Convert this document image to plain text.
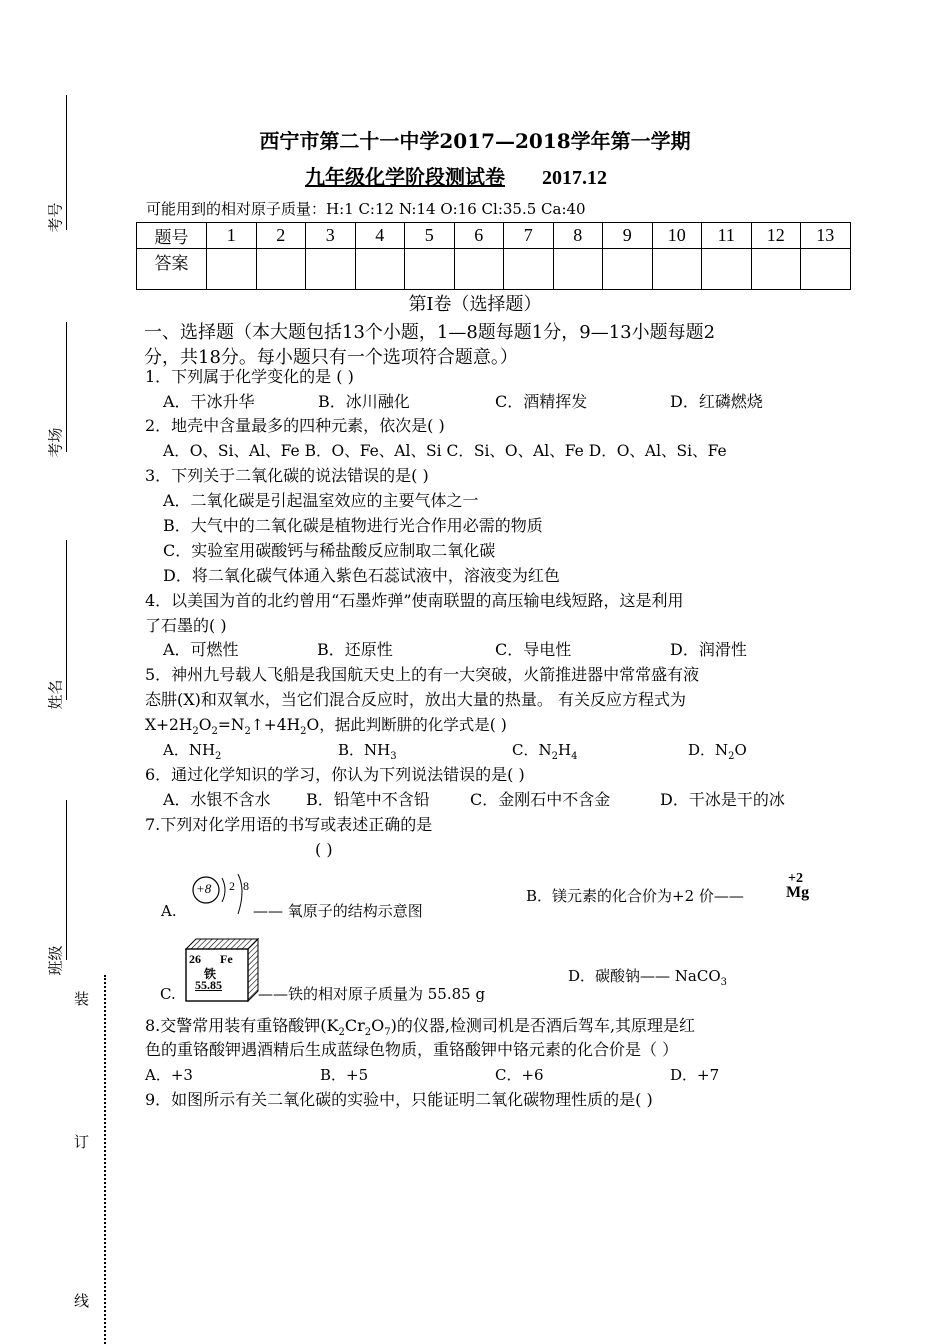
考号
考场
姓名
班级
装
订
线
西宁市第二十一中学2017—2018学年第一学期
九年级化学阶段测试卷 2017.12
可能用到的相对原子质量：H:1 C:12 N:14 O:16 Cl:35.5 Ca:40
题号	1	2	3	4	5	6	7	8	9	10	11	12	13
答案													
第Ⅰ卷（选择题）
一、选择题（本大题包括13个小题，1—8题每题1分，9—13小题每题2
分，共18分。每小题只有一个选项符合题意。）
1．下列属于化学变化的是 ( )
A．干冰升华	B．冰川融化	C．酒精挥发	D．红磷燃烧
2．地壳中含量最多的四种元素，依次是( )
A．O、Si、Al、Fe B．O、Fe、Al、Si C．Si、O、Al、Fe D．O、Al、Si、Fe
3．下列关于二氧化碳的说法错误的是( )
A．二氧化碳是引起温室效应的主要气体之一
B．大气中的二氧化碳是植物进行光合作用必需的物质
C．实验室用碳酸钙与稀盐酸反应制取二氧化碳
D．将二氧化碳气体通入紫色石蕊试液中，溶液变为红色
4．以美国为首的北约曾用“石墨炸弹”使南联盟的高压输电线短路，这是利用
了石墨的( )
A．可燃性	B．还原性	C．导电性	D．润滑性
5．神州九号载人飞船是我国航天史上的有一大突破，火箭推进器中常常盛有液
态肼(X)和双氧水，当它们混合反应时，放出大量的热量。 有关反应方程式为
$X+2H_2O_2=N_2↑+4H_2O$，据此判断肼的化学式是( )
A．$NH_2$	B．$NH_3$	C．$N_2H_4$	D．$N_2O$
6．通过化学知识的学习，你认为下列说法错误的是( )
A．水银不含水 B．铅笔中不含铅	C．金刚石中不含金	D．干冰是干的冰
7.下列对化学用语的书写或表述正确的是
( )
A.
+8 2 8
—— 氧原子的结构示意图
B．镁元素的化合价为+2 价——
+2
Mg
C.
26 Fe
铁
55.85 ——铁的相对原子质量为 55.85 g
D．碳酸钠—— NaCO$_3$
8.交警常用装有重铬酸钾$(K_2Cr_2O_7)$的仪器,检测司机是否酒后驾车,其原理是红
色的重铬酸钾遇酒精后生成蓝绿色物质，重铬酸钾中铬元素的化合价是（ ）
A．+3	B．+5	C．+6	D．+7
9．如图所示有关二氧化碳的实验中，只能证明二氧化碳物理性质的是( )
